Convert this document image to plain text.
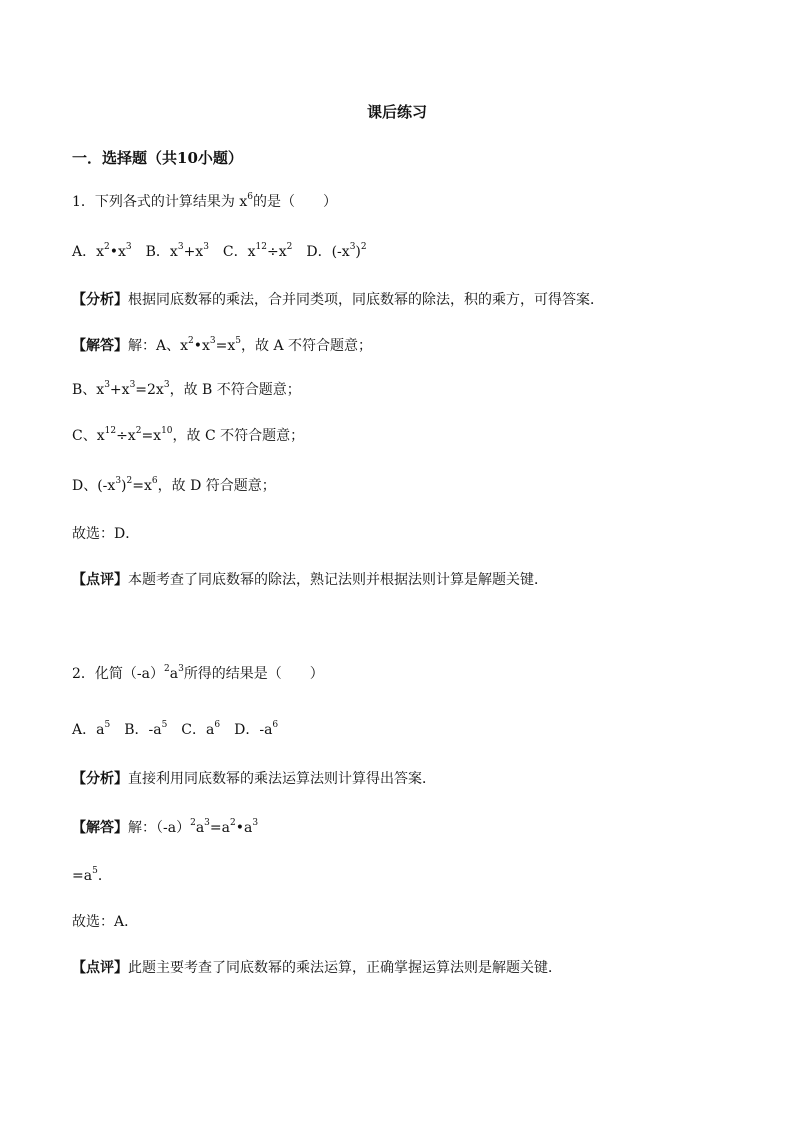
课后练习
一．选择题（共10小题）
1．下列各式的计算结果为 $x^6$的是（　　）
A．$x^2•x^3$　B．$x^3+x^3$　C．$x^{12}\div x^2$　D．$(-x^3)^2$
【分析】根据同底数幂的乘法，合并同类项，同底数幂的除法，积的乘方，可得答案．
【解答】解：A、$x^2•x^3=x^5$，故 A 不符合题意；
B、$x^3+x^3=2x^3$，故 B 不符合题意；
C、$x^{12}\div x^2=x^{10}$，故 C 不符合题意；
D、$(-x^3)^2=x^6$，故 D 符合题意；
故选：D．
【点评】本题考查了同底数幂的除法，熟记法则并根据法则计算是解题关键．
2．化简$(-a)^2a^3$所得的结果是（　　）
A．$a^5$　B．$-a^5$　C．$a^6$　D．$-a^6$
【分析】直接利用同底数幂的乘法运算法则计算得出答案．
【解答】解：$(-a)^2a^3=a^2•a^3$
$=a^5$．
故选：A．
【点评】此题主要考查了同底数幂的乘法运算，正确掌握运算法则是解题关键．
